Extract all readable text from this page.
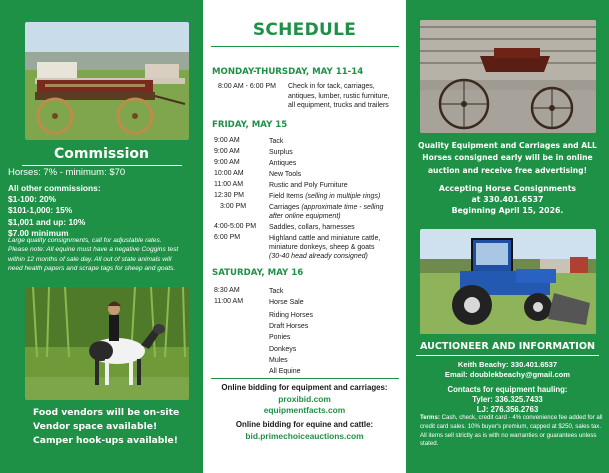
Commission
Horses: 7% - minimum: $70
All other commissions:
$1-100: 20%
$101-1,000: 15%
$1,001 and up: 10%
$7.00 minimum
Large quality consignments, call for adjustable rates.
Please note: All equine must have a negative Coggins test
within 12 months of sale day. All out of state animals will
need health papers and scrape tags for sheep and goats.
Food vendors will be on-site
Vendor space available!
Camper hook-ups available!
SCHEDULE
MONDAY-THURSDAY, MAY 11-14
8:00 AM - 6:00 PM	Check in for tack, carriages,
antiques, lumber, rustic furniture,
all equipment, trucks and trailers
FRIDAY, MAY 15
9:00 AM	Tack
9:00 AM	Surplus
9:00 AM	Antiques
10:00 AM	New Tools
11:00 AM	Rustic and Poly Furniture
12:30 PM	Field Items (selling in multiple rings)
3:00 PM	Carriages (approximate time - selling
after online equipment)
4:00-5:00 PM	Saddles, collars, harnesses
6:00 PM	Highland cattle and miniature cattle,
miniature donkeys, sheep & goats
(30-40 head already consigned)
SATURDAY, MAY 16
8:30 AM	Tack
11:00 AM	Horse Sale
Riding Horses
Draft Horses
Ponies
Donkeys
Mules
All Equine
Online bidding for equipment and carriages:
proxibid.com
equipmentfacts.com
Online bidding for equine and cattle:
bid.primechoiceauctions.com
Quality Equipment and Carriages and ALL
Horses consigned early will be in online
auction and receive free advertising!
Accepting Horse Consignments
at 330.401.6537
Beginning April 15, 2026.
AUCTIONEER AND INFORMATION
Keith Beachy: 330.401.6537
Email: doublekbeachy@gmail.com
Contacts for equipment hauling:
Tyler: 336.325.7433
LJ: 276.356.2763
Terms: Cash, check, credit card - 4% convenience fee added for all credit card sales. 10% buyer's premium, capped at $250, sales tax. All items sell strictly as is with no warranties or guarantees unless stated.
